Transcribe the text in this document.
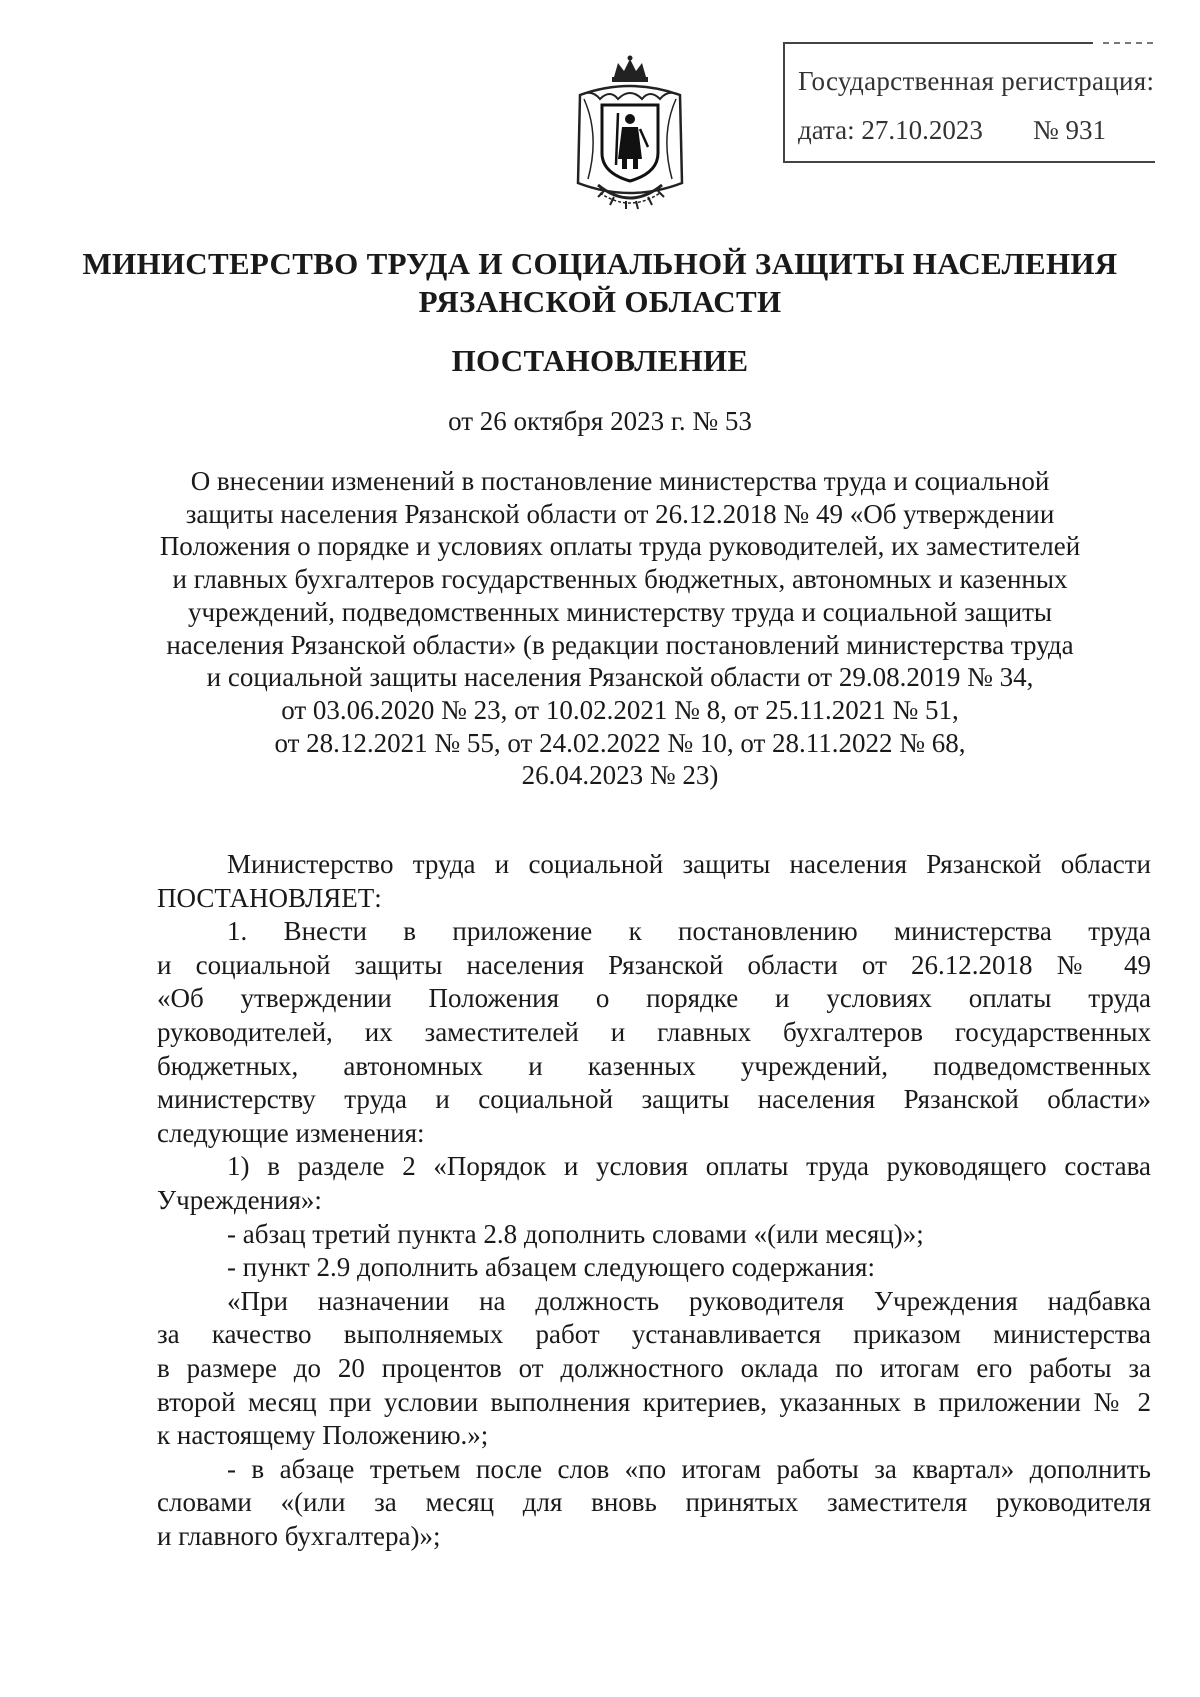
Государственная регистрация:
дата: 27.10.2023 № 931
МИНИСТЕРСТВО ТРУДА И СОЦИАЛЬНОЙ ЗАЩИТЫ НАСЕЛЕНИЯ
РЯЗАНСКОЙ ОБЛАСТИ
ПОСТАНОВЛЕНИЕ
от 26 октября 2023 г. № 53
О внесении изменений в постановление министерства труда и социальной
защиты населения Рязанской области от 26.12.2018 № 49 «Об утверждении
Положения о порядке и условиях оплаты труда руководителей, их заместителей
и главных бухгалтеров государственных бюджетных, автономных и казенных
учреждений, подведомственных министерству труда и социальной защиты
населения Рязанской области» (в редакции постановлений министерства труда
и социальной защиты населения Рязанской области от 29.08.2019 № 34,
от 03.06.2020 № 23, от 10.02.2021 № 8, от 25.11.2021 № 51,
от 28.12.2021 № 55, от 24.02.2022 № 10, от 28.11.2022 № 68,
26.04.2023 № 23)

Министерство труда и социальной защиты населения Рязанской области

ПОСТАНОВЛЯЕТ:

1. Внести в приложение к постановлению министерства труда

и социальной защиты населения Рязанской области от 26.12.2018 № 49

«Об утверждении Положения о порядке и условиях оплаты труда

руководителей, их заместителей и главных бухгалтеров государственных

бюджетных, автономных и казенных учреждений, подведомственных

министерству труда и социальной защиты населения Рязанской области»

следующие изменения:

1) в разделе 2 «Порядок и условия оплаты труда руководящего состава

Учреждения»:

- абзац третий пункта 2.8 дополнить словами «(или месяц)»;

- пункт 2.9 дополнить абзацем следующего содержания:

«При назначении на должность руководителя Учреждения надбавка

за качество выполняемых работ устанавливается приказом министерства

в размере до 20 процентов от должностного оклада по итогам его работы за

второй месяц при условии выполнения критериев, указанных в приложении № 2

к настоящему Положению.»;

- в абзаце третьем после слов «по итогам работы за квартал» дополнить

словами «(или за месяц для вновь принятых заместителя руководителя

и главного бухгалтера)»;
